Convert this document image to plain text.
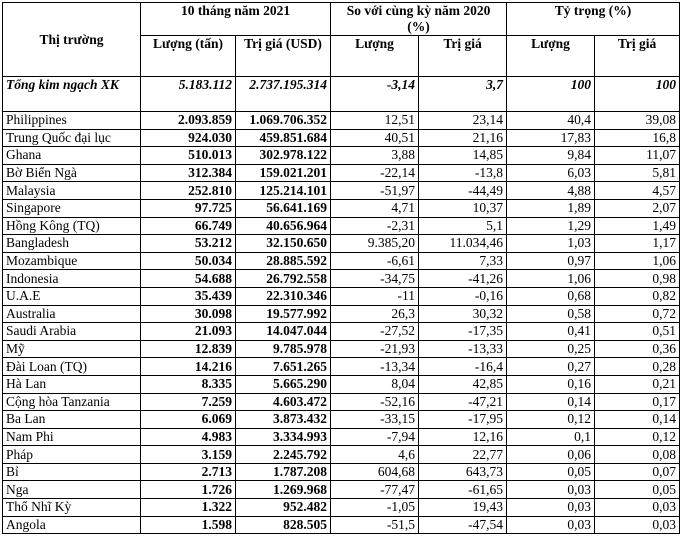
Thị trường	10 tháng năm 2021		So với cùng kỳ năm 2020 (%)		Tỷ trọng (%)	
	Lượng (tấn)	Trị giá (USD)	Lượng	Trị giá	Lượng	Trị giá
Tổng kim ngạch XK	5.183.112	2.737.195.314	-3,14	3,7	100	100
Philippines	2.093.859	1.069.706.352	12,51	23,14	40,4	39,08
Trung Quốc đại lục	924.030	459.851.684	40,51	21,16	17,83	16,8
Ghana	510.013	302.978.122	3,88	14,85	9,84	11,07
Bờ Biển Ngà	312.384	159.021.201	-22,14	-13,8	6,03	5,81
Malaysia	252.810	125.214.101	-51,97	-44,49	4,88	4,57
Singapore	97.725	56.641.169	4,71	10,37	1,89	2,07
Hồng Kông (TQ)	66.749	40.656.964	-2,31	5,1	1,29	1,49
Bangladesh	53.212	32.150.650	9.385,20	11.034,46	1,03	1,17
Mozambique	50.034	28.885.592	-6,61	7,33	0,97	1,06
Indonesia	54.688	26.792.558	-34,75	-41,26	1,06	0,98
U.A.E	35.439	22.310.346	-11	-0,16	0,68	0,82
Australia	30.098	19.577.992	26,3	30,32	0,58	0,72
Saudi Arabia	21.093	14.047.044	-27,52	-17,35	0,41	0,51
Mỹ	12.839	9.785.978	-21,93	-13,33	0,25	0,36
Đài Loan (TQ)	14.216	7.651.265	-13,34	-16,4	0,27	0,28
Hà Lan	8.335	5.665.290	8,04	42,85	0,16	0,21
Cộng hòa Tanzania	7.259	4.603.472	-52,16	-47,21	0,14	0,17
Ba Lan	6.069	3.873.432	-33,15	-17,95	0,12	0,14
Nam Phi	4.983	3.334.993	-7,94	12,16	0,1	0,12
Pháp	3.159	2.245.792	4,6	22,77	0,06	0,08
Bỉ	2.713	1.787.208	604,68	643,73	0,05	0,07
Nga	1.726	1.269.968	-77,47	-61,65	0,03	0,05
Thổ Nhĩ Kỳ	1.322	952.482	-1,05	19,43	0,03	0,03
Angola	1.598	828.505	-51,5	-47,54	0,03	0,03
